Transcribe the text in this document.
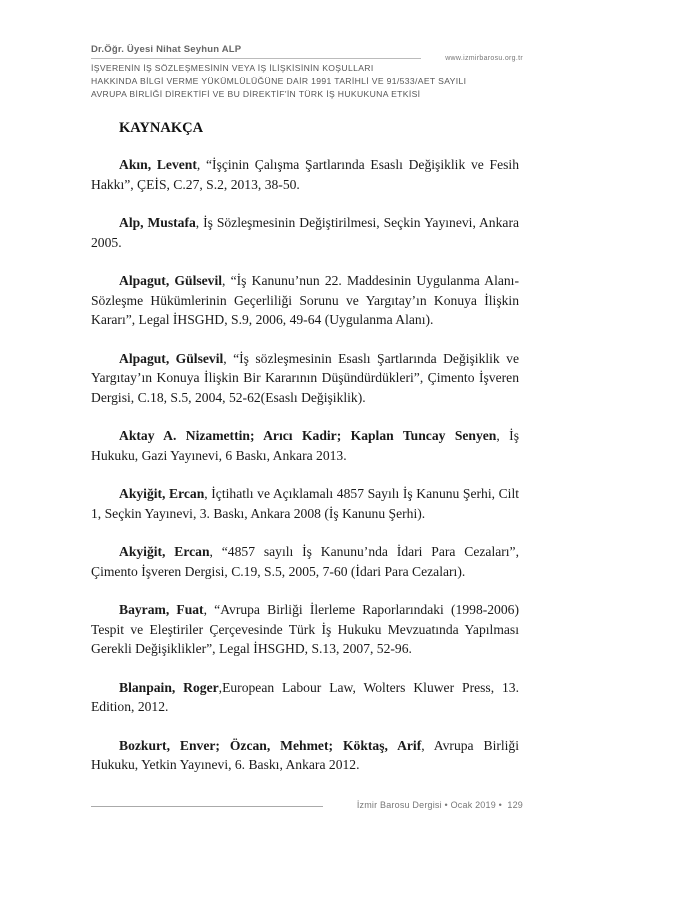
Dr.Öğr. Üyesi Nihat Seyhun ALP
www.izmirbarosu.org.tr
İŞVERENİN İŞ SÖZLEŞMESİNİN VEYA İŞ İLİŞKİSİNİN KOŞULLARI
HAKKINDA BİLGİ VERME YÜKÜMLÜLÜĞÜNE DAİR 1991 TARİHLİ VE 91/533/AET SAYILI
AVRUPA BİRLİĞİ DİREKTİFİ VE BU DİREKTİF'İN TÜRK İŞ HUKUKUNA ETKİSİ
KAYNAKÇA

Akın, Levent, “İşçinin Çalışma Şartlarında Esaslı Değişiklik ve Fesih Hakkı”, ÇEİS, C.27, S.2, 2013, 38-50.

Alp, Mustafa, İş Sözleşmesinin Değiştirilmesi, Seçkin Yayınevi, Ankara 2005.

Alpagut, Gülsevil, “İş Kanunu’nun 22. Maddesinin Uygulanma Alanı- Sözleşme Hükümlerinin Geçerliliği Sorunu ve Yargıtay’ın Konuya İlişkin Kararı”, Legal İHSGHD, S.9, 2006, 49-64 (Uygulanma Alanı).

Alpagut, Gülsevil, “İş sözleşmesinin Esaslı Şartlarında Değişiklik ve Yargıtay’ın Konuya İlişkin Bir Kararının Düşündürdükleri”, Çimento İşveren Dergisi, C.18, S.5, 2004, 52-62(Esaslı Değişiklik).

Aktay A. Nizamettin; Arıcı Kadir; Kaplan Tuncay Senyen, İş Hukuku, Gazi Yayınevi, 6 Baskı, Ankara 2013.

Akyiğit, Ercan, İçtihatlı ve Açıklamalı 4857 Sayılı İş Kanunu Şerhi, Cilt 1, Seçkin Yayınevi, 3. Baskı, Ankara 2008 (İş Kanunu Şerhi).

Akyiğit, Ercan, “4857 sayılı İş Kanunu’nda İdari Para Cezaları”, Çimento İşveren Dergisi, C.19, S.5, 2005, 7-60 (İdari Para Cezaları).

Bayram, Fuat, “Avrupa Birliği İlerleme Raporlarındaki (1998-2006) Tespit ve Eleştiriler Çerçevesinde Türk İş Hukuku Mevzuatında Yapılması Gerekli Değişiklikler”, Legal İHSGHD, S.13, 2007, 52-96.

Blanpain, Roger,European Labour Law, Wolters Kluwer Press, 13. Edition, 2012.

Bozkurt, Enver; Özcan, Mehmet; Köktaş, Arif, Avrupa Birliği Hukuku, Yetkin Yayınevi, 6. Baskı, Ankara 2012.

İzmir Barosu Dergisi • Ocak 2019 • 129
